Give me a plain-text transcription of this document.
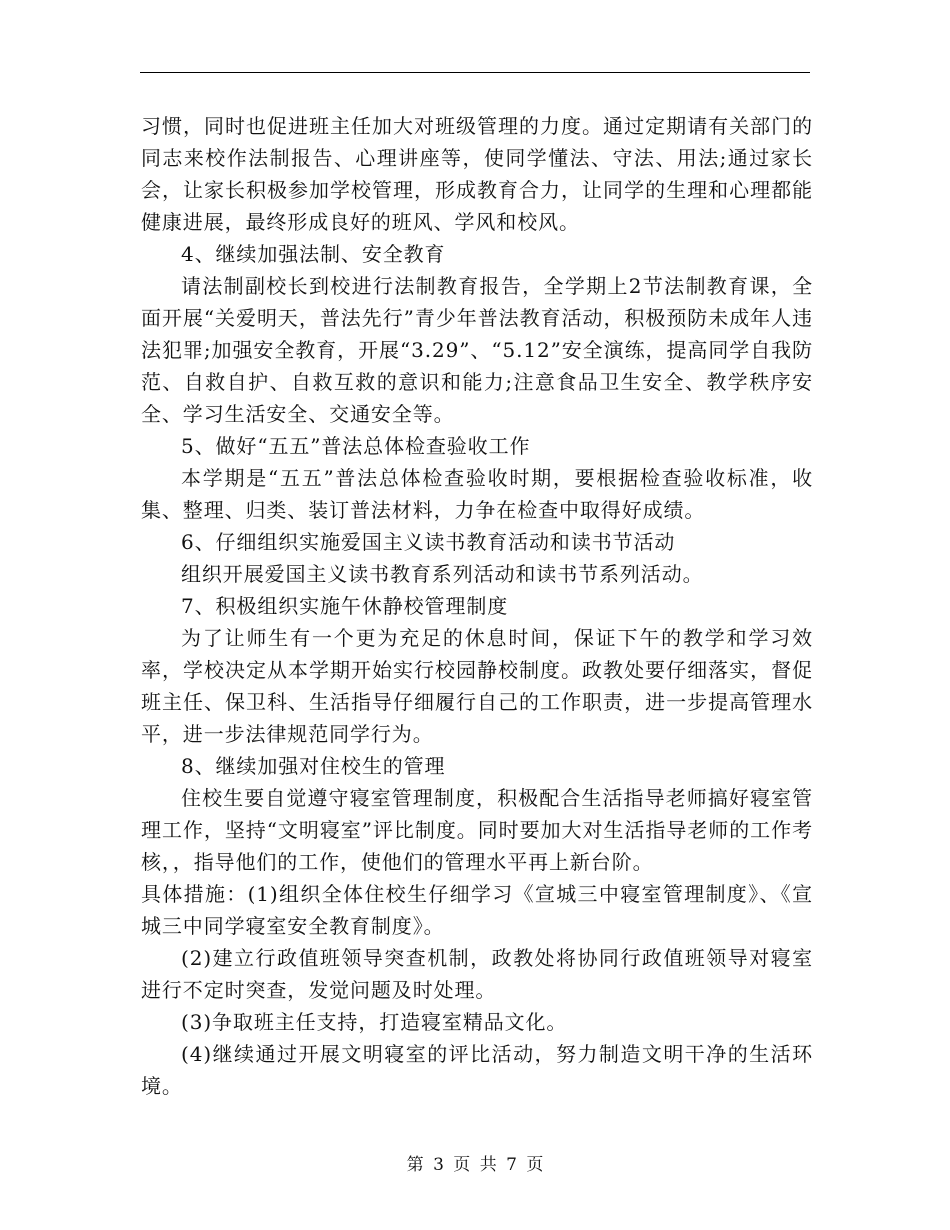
习惯，同时也促进班主任加大对班级管理的力度。通过定期请有关部门的同志来校作法制报告、心理讲座等，使同学懂法、守法、用法;通过家长会，让家长积极参加学校管理，形成教育合力，让同学的生理和心理都能健康进展，最终形成良好的班风、学风和校风。

4、继续加强法制、安全教育

请法制副校长到校进行法制教育报告，全学期上2节法制教育课，全面开展“关爱明天，普法先行”青少年普法教育活动，积极预防未成年人违法犯罪;加强安全教育，开展“3.29”、“5.12”安全演练，提高同学自我防范、自救自护、自救互救的意识和能力;注意食品卫生安全、教学秩序安全、学习生活安全、交通安全等。

5、做好“五五”普法总体检查验收工作

本学期是“五五”普法总体检查验收时期，要根据检查验收标准，收集、整理、归类、装订普法材料，力争在检查中取得好成绩。

6、仔细组织实施爱国主义读书教育活动和读书节活动

组织开展爱国主义读书教育系列活动和读书节系列活动。

7、积极组织实施午休静校管理制度

为了让师生有一个更为充足的休息时间，保证下午的教学和学习效率，学校决定从本学期开始实行校园静校制度。政教处要仔细落实，督促班主任、保卫科、生活指导仔细履行自己的工作职责，进一步提高管理水平，进一步法律规范同学行为。

8、继续加强对住校生的管理

住校生要自觉遵守寝室管理制度，积极配合生活指导老师搞好寝室管理工作，坚持“文明寝室”评比制度。同时要加大对生活指导老师的工作考核，，指导他们的工作，使他们的管理水平再上新台阶。

具体措施：(1)组织全体住校生仔细学习《宣城三中寝室管理制度》、《宣城三中同学寝室安全教育制度》。

(2)建立行政值班领导突查机制，政教处将协同行政值班领导对寝室进行不定时突查，发觉问题及时处理。

(3)争取班主任支持，打造寝室精品文化。

(4)继续通过开展文明寝室的评比活动，努力制造文明干净的生活环境。

第 3 页 共 7 页
